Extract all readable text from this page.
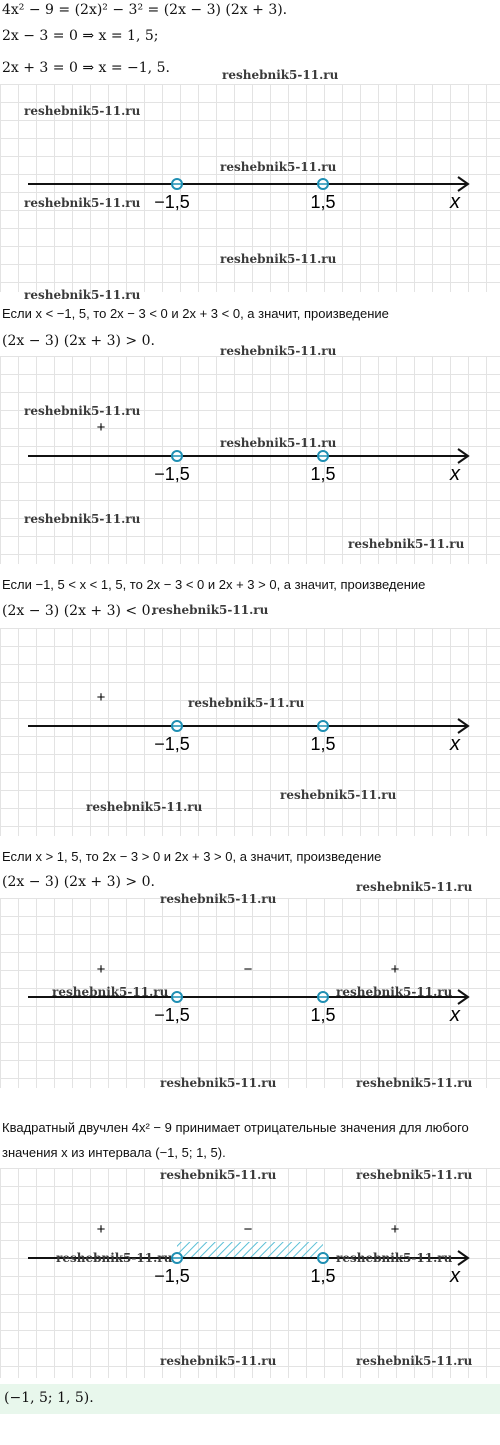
4x² − 9 = (2x)² − 3² = (2x − 3) (2x + 3).
2x − 3 = 0 ⇒ x = 1, 5;
2x + 3 = 0 ⇒ x = −1, 5.
−1,5	1,5	x
Если x < −1, 5, то 2x − 3 < 0 и 2x + 3 < 0, а значит, произведение
(2x − 3) (2x + 3) > 0.
+
−1,5	1,5	x
Если −1, 5 < x < 1, 5, то 2x − 3 < 0 и 2x + 3 > 0, а значит, произведение
(2x − 3) (2x + 3) < 0.
+
−1,5	1,5	x
Если x > 1, 5, то 2x − 3 > 0 и 2x + 3 > 0, а значит, произведение
(2x − 3) (2x + 3) > 0.
+	−	+
−1,5	1,5	x
Квадратный двучлен 4x² − 9 принимает отрицательные значения для любого
значения x из интервала (−1, 5; 1, 5).
+	−	+
−1,5	1,5	x
(−1, 5; 1, 5).
reshebnik5-11.ru
reshebnik5-11.ru
reshebnik5-11.ru
reshebnik5-11.ru
reshebnik5-11.ru
reshebnik5-11.ru
reshebnik5-11.ru
reshebnik5-11.ru
reshebnik5-11.ru
reshebnik5-11.ru
reshebnik5-11.ru
reshebnik5-11.ru
reshebnik5-11.ru
reshebnik5-11.ru
reshebnik5-11.ru
reshebnik5-11.ru
reshebnik5-11.ru
reshebnik5-11.ru	reshebnik5-11.ru
reshebnik5-11.ru	reshebnik5-11.ru
reshebnik5-11.ru	reshebnik5-11.ru
reshebnik5-11.ru	reshebnik5-11.ru
reshebnik5-11.ru	reshebnik5-11.ru
